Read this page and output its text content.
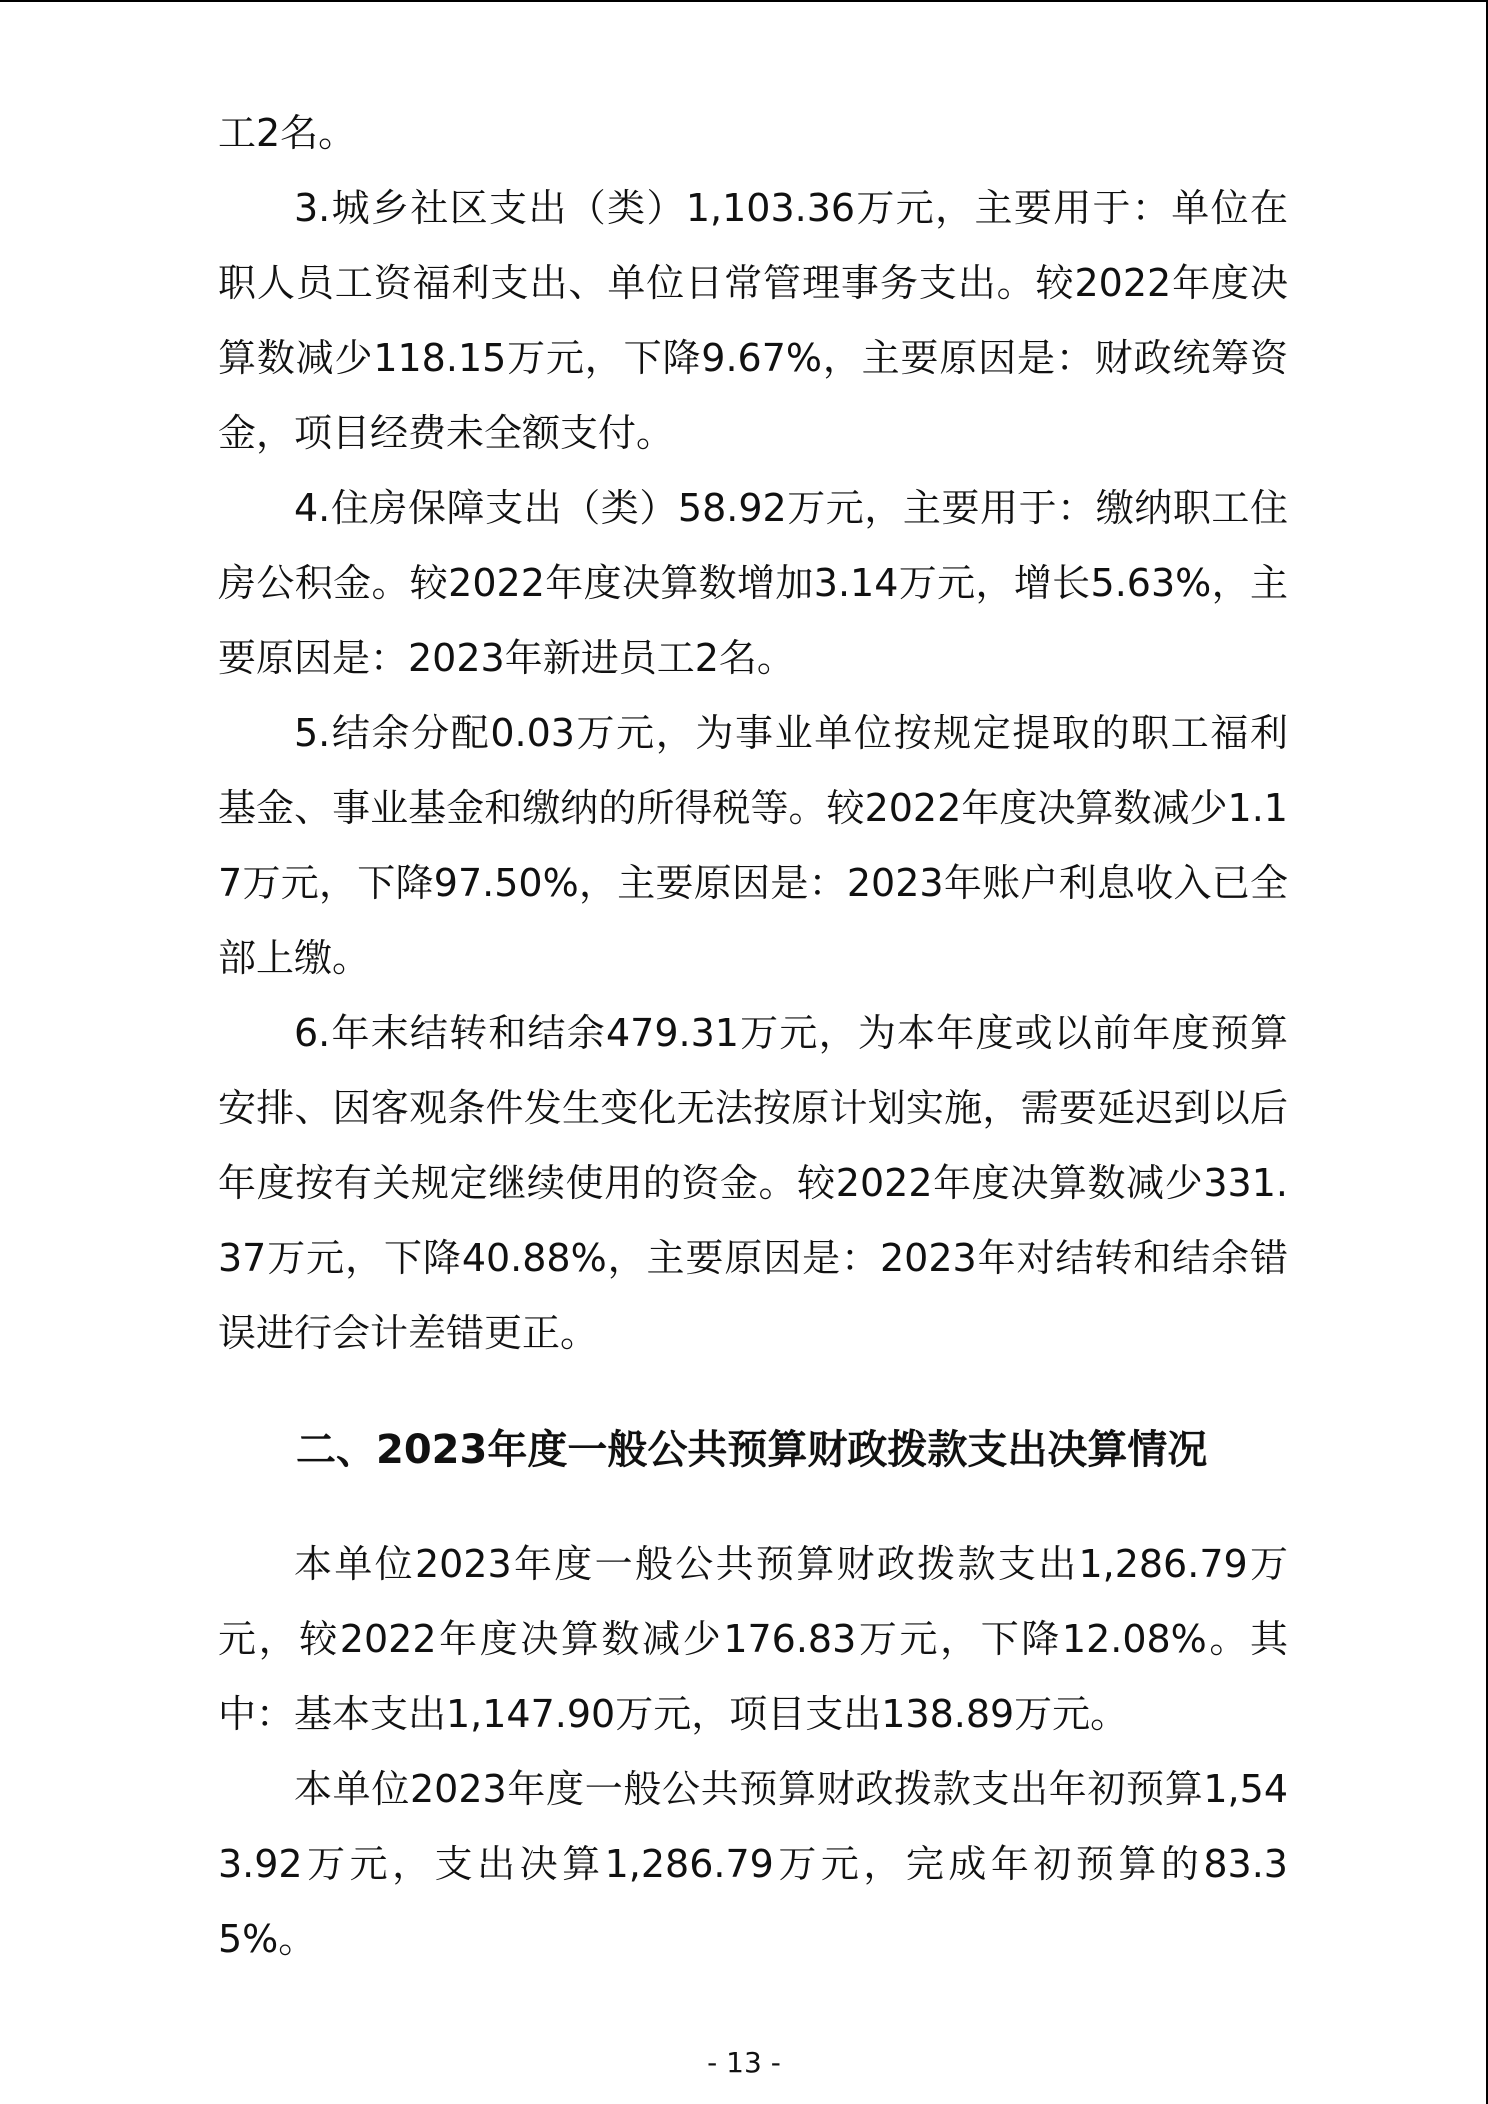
工2名。

3.城乡社区支出（类）1,103.36万元，主要用于：单位在职人员工资福利支出、单位日常管理事务支出。较2022年度决算数减少118.15万元，下降9.67%，主要原因是：财政统筹资金，项目经费未全额支付。

4.住房保障支出（类）58.92万元，主要用于：缴纳职工住房公积金。较2022年度决算数增加3.14万元，增长5.63%，主要原因是：2023年新进员工2名。

5.结余分配0.03万元，为事业单位按规定提取的职工福利基金、事业基金和缴纳的所得税等。较2022年度决算数减少1.17万元，下降97.50%，主要原因是：2023年账户利息收入已全部上缴。

6.年末结转和结余479.31万元，为本年度或以前年度预算安排、因客观条件发生变化无法按原计划实施，需要延迟到以后年度按有关规定继续使用的资金。较2022年度决算数减少331.37万元，下降40.88%，主要原因是：2023年对结转和结余错误进行会计差错更正。

二、2023年度一般公共预算财政拨款支出决算情况

本单位2023年度一般公共预算财政拨款支出1,286.79万元，较2022年度决算数减少176.83万元，下降12.08%。其中：基本支出1,147.90万元，项目支出138.89万元。

本单位2023年度一般公共预算财政拨款支出年初预算1,543.92万元，支出决算1,286.79万元，完成年初预算的83.35%。

- 13 -
